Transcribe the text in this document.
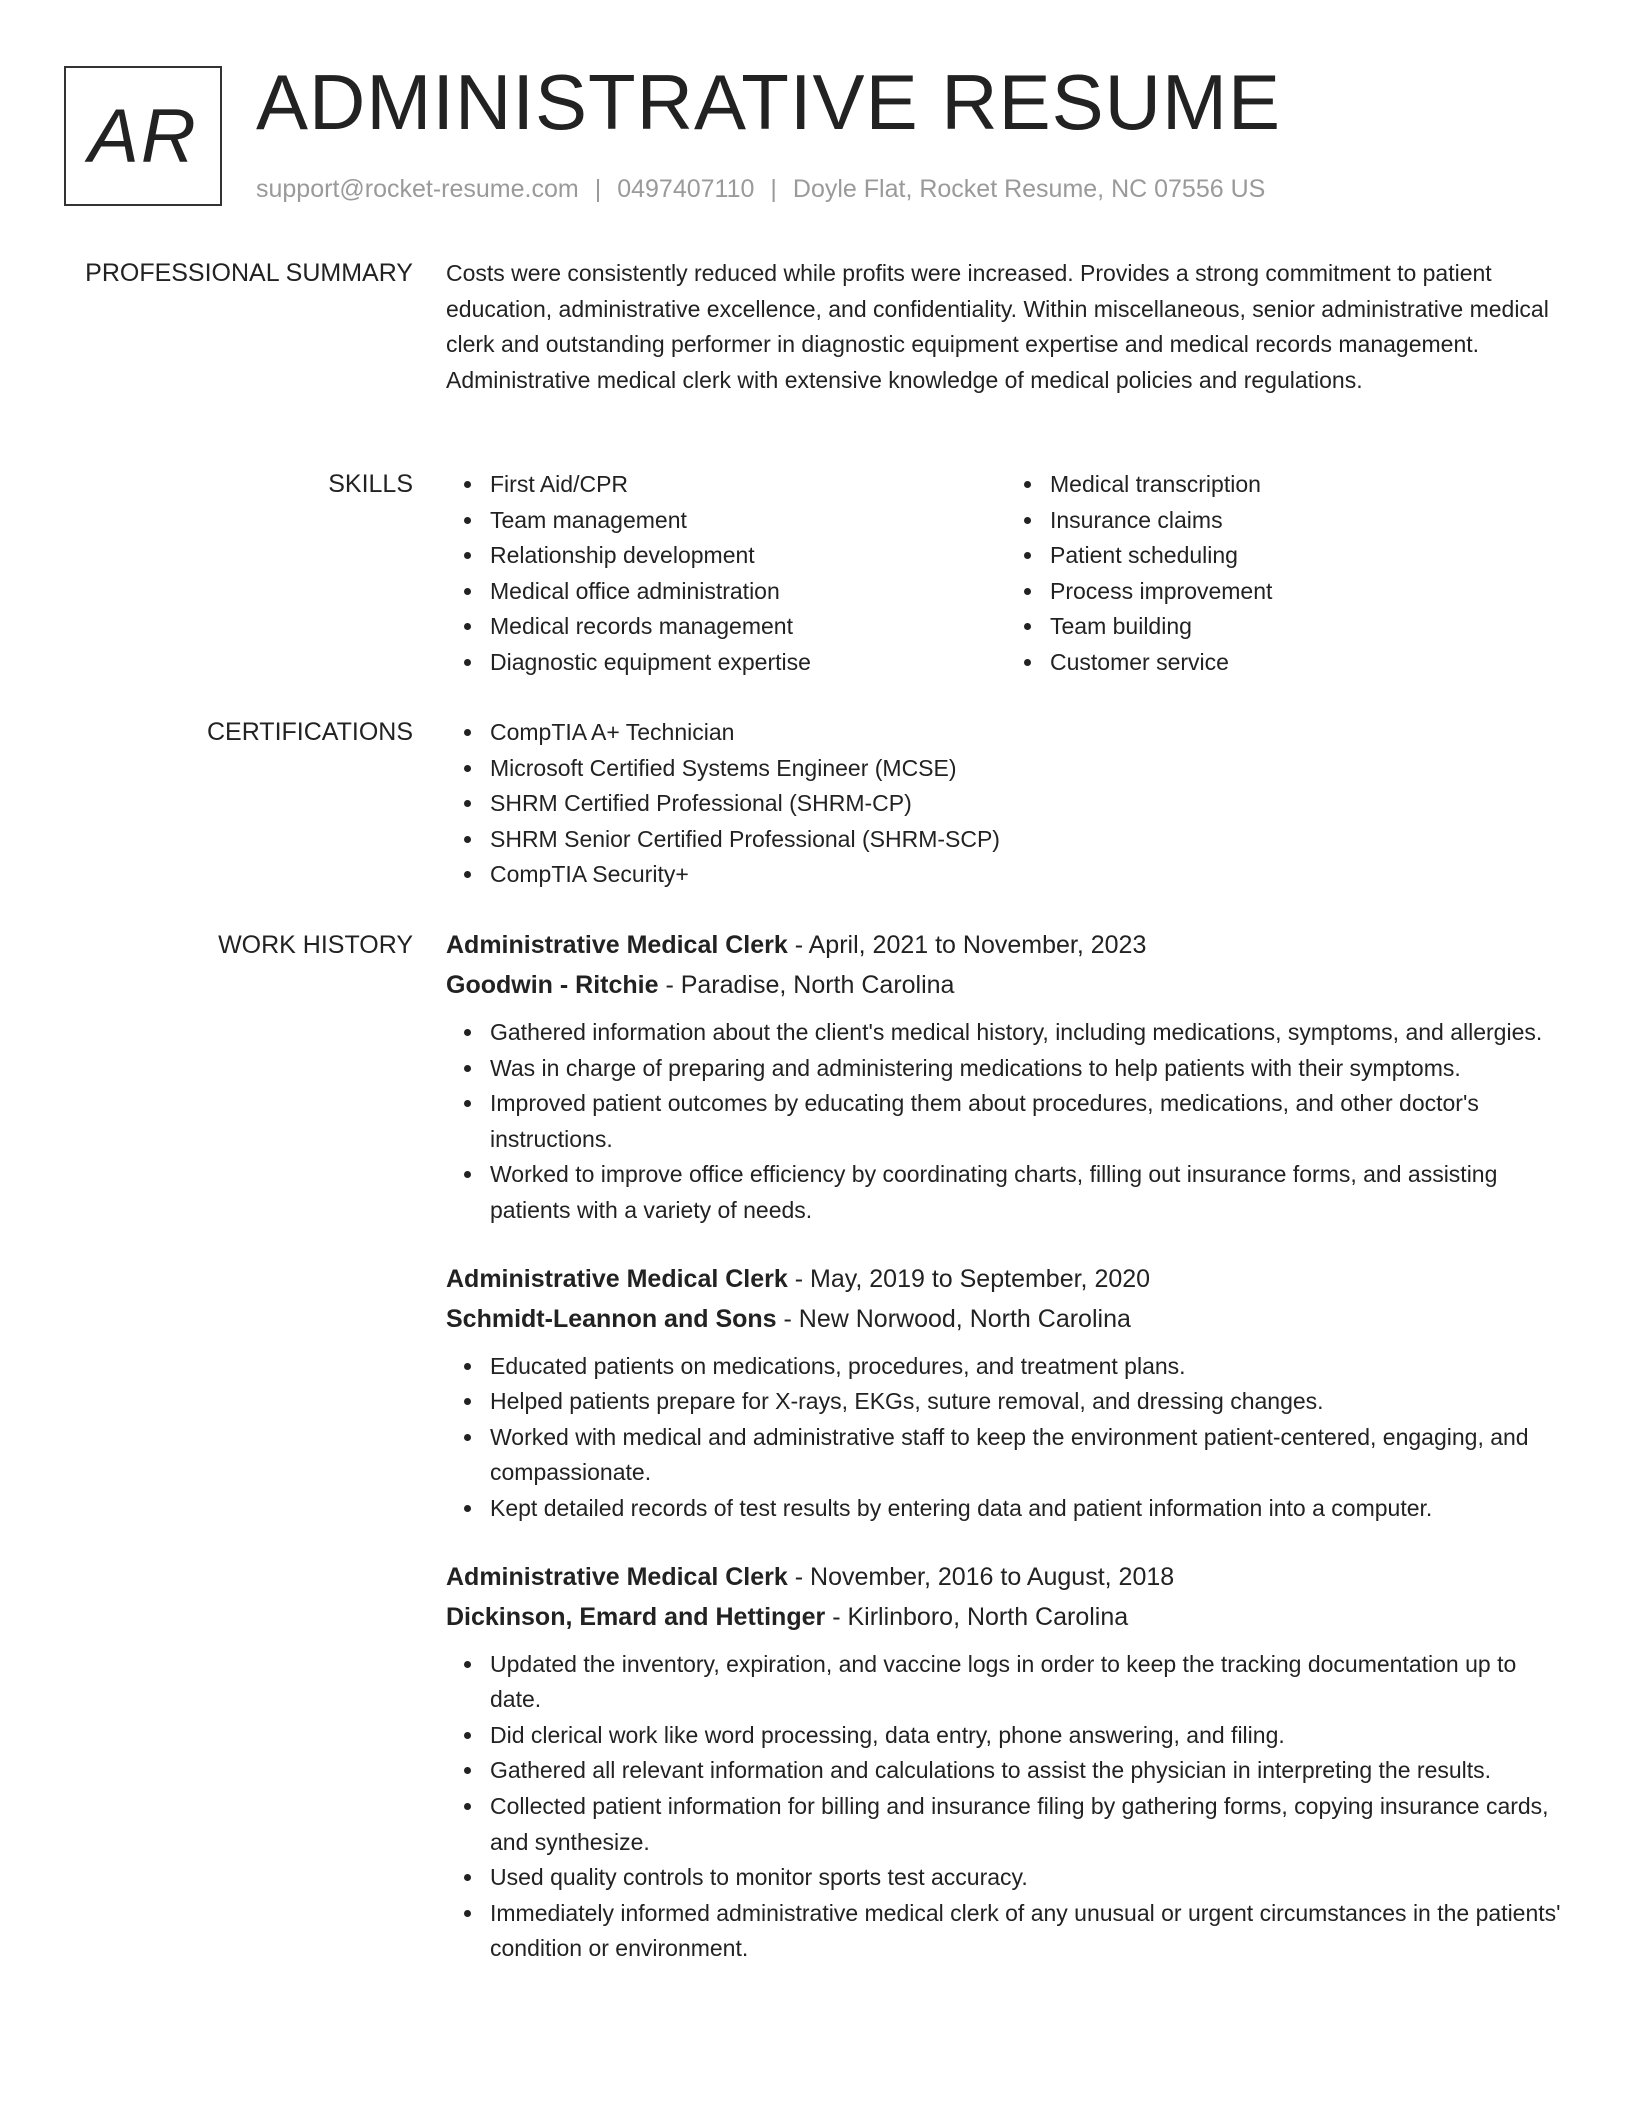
AR ADMINISTRATIVE RESUME
support@rocket-resume.com | 0497407110 | Doyle Flat, Rocket Resume, NC 07556 US
PROFESSIONAL SUMMARY Costs were consistently reduced while profits were increased. Provides a strong commitment to patient education, administrative excellence, and confidentiality. Within miscellaneous, senior administrative medical clerk and outstanding performer in diagnostic equipment expertise and medical records management. Administrative medical clerk with extensive knowledge of medical policies and regulations.

SKILLS	First Aid/CPR
Team management
Relationship development
Medical office administration
Medical records management
Diagnostic equipment expertise
Medical transcription
Insurance claims
Patient scheduling
Process improvement
Team building
Customer service
CERTIFICATIONS	CompTIA A+ Technician
Microsoft Certified Systems Engineer (MCSE)
SHRM Certified Professional (SHRM-CP)
SHRM Senior Certified Professional (SHRM-SCP)
CompTIA Security+
WORK HISTORY Administrative Medical Clerk - April, 2021 to November, 2023
Goodwin - Ritchie - Paradise, North Carolina
Gathered information about the client's medical history, including medications, symptoms, and allergies.
Was in charge of preparing and administering medications to help patients with their symptoms.
Improved patient outcomes by educating them about procedures, medications, and other doctor's instructions.
Worked to improve office efficiency by coordinating charts, filling out insurance forms, and assisting patients with a variety of needs.
Administrative Medical Clerk - May, 2019 to September, 2020
Schmidt-Leannon and Sons - New Norwood, North Carolina
Educated patients on medications, procedures, and treatment plans.
Helped patients prepare for X-rays, EKGs, suture removal, and dressing changes.
Worked with medical and administrative staff to keep the environment patient-centered, engaging, and compassionate.
Kept detailed records of test results by entering data and patient information into a computer.
Administrative Medical Clerk - November, 2016 to August, 2018
Dickinson, Emard and Hettinger - Kirlinboro, North Carolina
Updated the inventory, expiration, and vaccine logs in order to keep the tracking documentation up to date.
Did clerical work like word processing, data entry, phone answering, and filing.
Gathered all relevant information and calculations to assist the physician in interpreting the results.
Collected patient information for billing and insurance filing by gathering forms, copying insurance cards, and synthesize.
Used quality controls to monitor sports test accuracy.
Immediately informed administrative medical clerk of any unusual or urgent circumstances in the patients' condition or environment.
